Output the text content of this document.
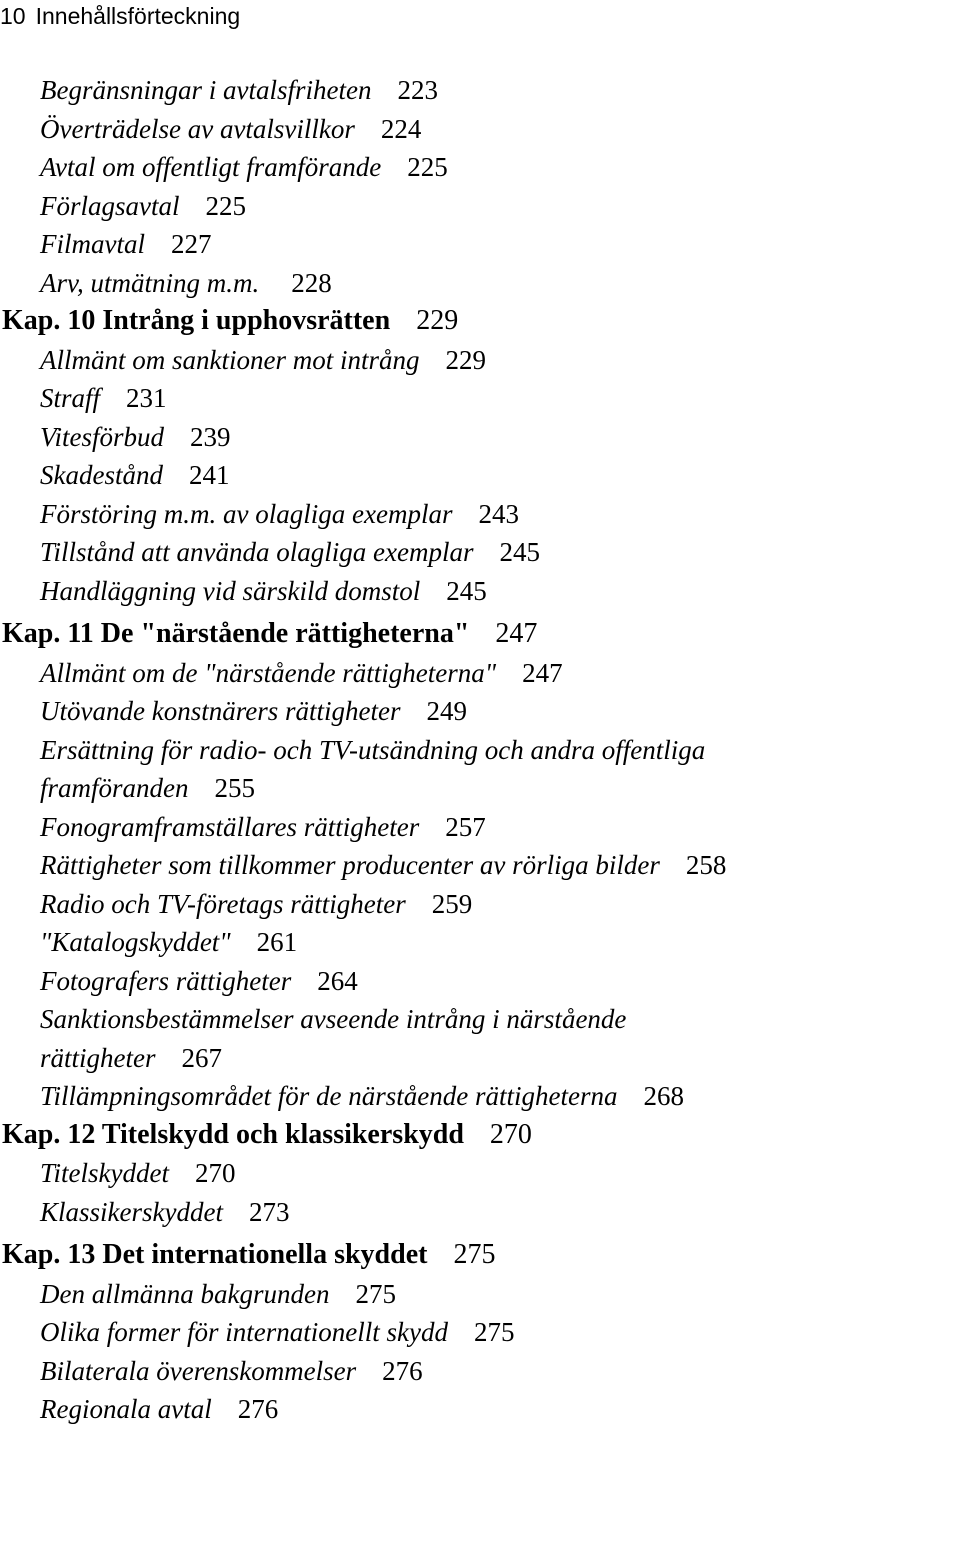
10 Innehållsförteckning
Begränsningar i avtalsfriheten 223
Överträdelse av avtalsvillkor 224
Avtal om offentligt framförande 225
Förlagsavtal 225
Filmavtal 227
Arv, utmätning m.m. 228
Kap. 10 Intrång i upphovsrätten 229
Allmänt om sanktioner mot intrång 229
Straff 231
Vitesförbud 239
Skadestånd 241
Förstöring m.m. av olagliga exemplar 243
Tillstånd att använda olagliga exemplar 245
Handläggning vid särskild domstol 245
Kap. 11 De "närstående rättigheterna" 247
Allmänt om de "närstående rättigheterna" 247
Utövande konstnärers rättigheter 249
Ersättning för radio- och TV-utsändning och andra offentliga
framföranden 255
Fonogramframställares rättigheter 257
Rättigheter som tillkommer producenter av rörliga bilder 258
Radio och TV-företags rättigheter 259
"Katalogskyddet" 261
Fotografers rättigheter 264
Sanktionsbestämmelser avseende intrång i närstående
rättigheter 267
Tillämpningsområdet för de närstående rättigheterna 268
Kap. 12 Titelskydd och klassikerskydd 270
Titelskyddet 270
Klassikerskyddet 273
Kap. 13 Det internationella skyddet 275
Den allmänna bakgrunden 275
Olika former för internationellt skydd 275
Bilaterala överenskommelser 276
Regionala avtal 276
